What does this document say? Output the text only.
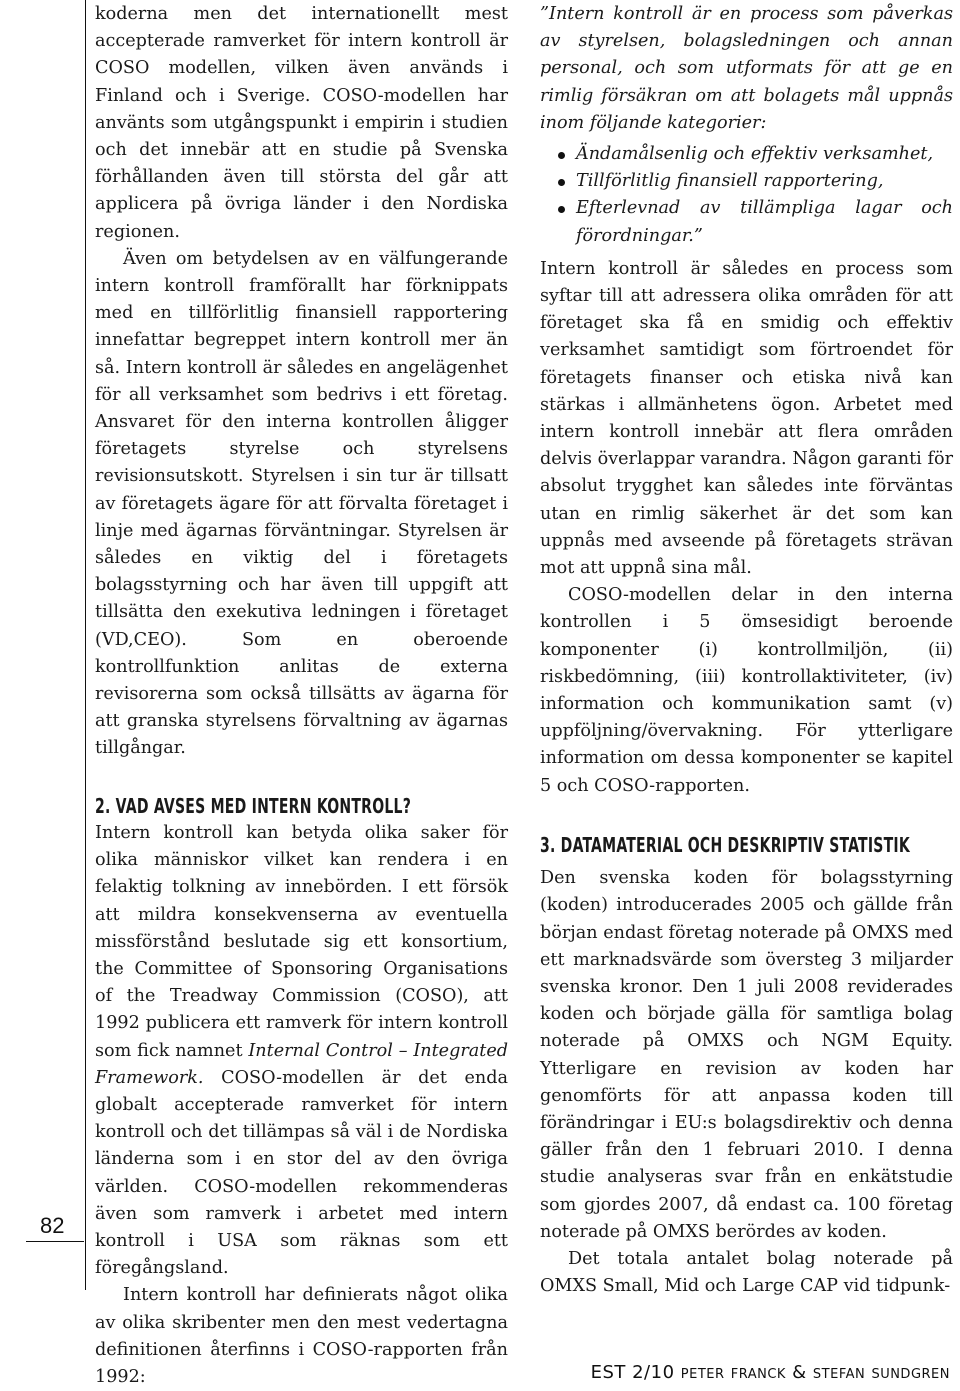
82

koderna men det internationellt mest accepterade ramverket för intern kontroll är COSO modellen, vilken även används i Finland och i Sverige. COSO-modellen har använts som utgångspunkt i empirin i studien och det innebär att en studie på Svenska förhållanden även till största del går att applicera på övriga länder i den Nordiska regionen.

Även om betydelsen av en välfungerande intern kontroll framförallt har förknippats med en tillförlitlig finansiell rapportering innefattar begreppet intern kontroll mer än så. Intern kontroll är således en angelägenhet för all verksamhet som bedrivs i ett företag. Ansvaret för den interna kontrollen åligger företagets styrelse och styrelsens revisionsutskott. Styrelsen i sin tur är tillsatt av företagets ägare för att förvalta företaget i linje med ägarnas förväntningar. Styrelsen är således en viktig del i företagets bolagsstyrning och har även till uppgift att tillsätta den exekutiva ledningen i företaget (VD,CEO). Som en oberoende kontrollfunktion anlitas de externa revisorerna som också tillsätts av ägarna för att granska styrelsens förvaltning av ägarnas tillgångar.

2. VAD AVSES MED INTERN KONTROLL?

Intern kontroll kan betyda olika saker för olika människor vilket kan rendera i en felaktig tolkning av innebörden. I ett försök att mildra konsekvenserna av eventuella missförstånd beslutade sig ett konsortium, the Committee of Sponsoring Organisations of the Treadway Commission (COSO), att 1992 publicera ett ramverk för intern kontroll som fick namnet Internal Control – Integrated Framework. COSO-modellen är det enda globalt accepterade ramverket för intern kontroll och det tillämpas så väl i de Nordiska länderna som i en stor del av den övriga världen. COSO-modellen rekommenderas även som ramverk i arbetet med intern kontroll i USA som räknas som ett föregångsland.

Intern kontroll har definierats något olika av olika skribenter men den mest vedertagna definitionen återfinns i COSO-rapporten från 1992:

”Intern kontroll är en process som påverkas av styrelsen, bolagsledningen och annan personal, och som utformats för att ge en rimlig försäkran om att bolagets mål uppnås inom följande kategorier:

Ändamålsenlig och effektiv verksamhet,
Tillförlitlig finansiell rapportering,
Efterlevnad av tillämpliga lagar och förordningar.”

Intern kontroll är således en process som syftar till att adressera olika områden för att företaget ska få en smidig och effektiv verksamhet samtidigt som förtroendet för företagets finanser och etiska nivå kan stärkas i allmänhetens ögon. Arbetet med intern kontroll innebär att flera områden delvis överlappar varandra. Någon garanti för absolut trygghet kan således inte förväntas utan en rimlig säkerhet är det som kan uppnås med avseende på företagets strävan mot att uppnå sina mål.

COSO-modellen delar in den interna kontrollen i 5 ömsesidigt beroende komponenter (i) kontrollmiljön, (ii) riskbedömning, (iii) kontrollaktiviteter, (iv) information och kommunikation samt (v) uppföljning/övervakning. För ytterligare information om dessa komponenter se kapitel 5 och COSO-rapporten.

3. DATAMATERIAL OCH DESKRIPTIV STATISTIK

Den svenska koden för bolagsstyrning (koden) introducerades 2005 och gällde från början endast företag noterade på OMXS med ett marknadsvärde som översteg 3 miljarder svenska kronor. Den 1 juli 2008 reviderades koden och började gälla för samtliga bolag noterade på OMXS och NGM Equity. Ytterligare en revision av koden har genomförts för att anpassa koden till förändringar i EU:s bolagsdirektiv och denna gäller från den 1 februari 2010. I denna studie analyseras svar från en enkätstudie som gjordes 2007, då endast ca. 100 företag noterade på OMXS berördes av koden.

Det totala antalet bolag noterade på OMXS Small, Mid och Large CAP vid tidpunk-

EST 2/10 peter franck & stefan sundgren
